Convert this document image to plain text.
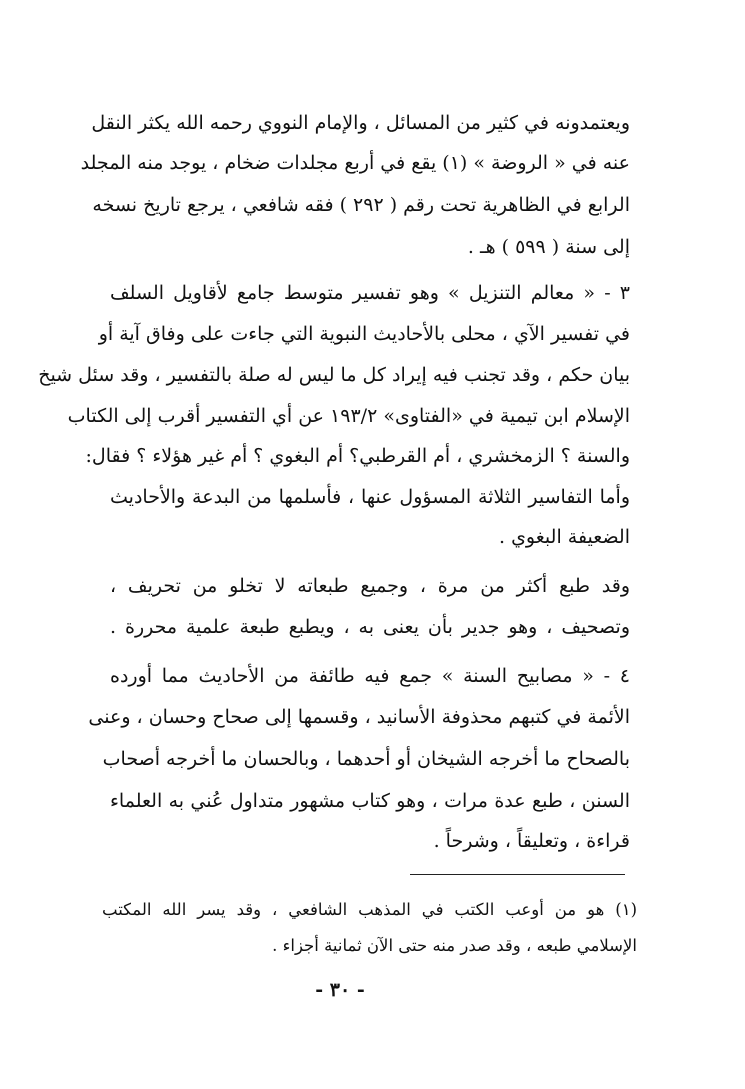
ويعتمدونه في كثير من المسائل ، والإمام النووي رحمه الله يكثر النقل

عنه في « الروضة » (١) يقع في أربع مجلدات ضخام ، يوجد منه المجلد

الرابع في الظاهرية تحت رقم ( ٢٩٢ ) فقه شافعي ، يرجع تاريخ نسخه

إلى سنة ( ٥٩٩ ) هـ .

٣ - « معالم التنزيل » وهو تفسير متوسط جامع لأقاويل السلف

في تفسير الآي ، محلى بالأحاديث النبوية التي جاءت على وفاق آية أو

بيان حكم ، وقد تجنب فيه إيراد كل ما ليس له صلة بالتفسير ، وقد سئل شيخ

الإسلام ابن تيمية في «الفتاوى» ١٩٣/٢ عن أي التفسير أقرب إلى الكتاب

والسنة ؟ الزمخشري ، أم القرطبي؟ أم البغوي ؟ أم غير هؤلاء ؟ فقال:

وأما التفاسير الثلاثة المسؤول عنها ، فأسلمها من البدعة والأحاديث

الضعيفة البغوي .

وقد طبع أكثر من مرة ، وجميع طبعاته لا تخلو من تحريف ،

وتصحيف ، وهو جدير بأن يعنى به ، ويطبع طبعة علمية محررة .

٤ - « مصابيح السنة » جمع فيه طائفة من الأحاديث مما أورده

الأئمة في كتبهم محذوفة الأسانيد ، وقسمها إلى صحاح وحسان ، وعنى

بالصحاح ما أخرجه الشيخان أو أحدهما ، وبالحسان ما أخرجه أصحاب

السنن ، طبع عدة مرات ، وهو كتاب مشهور متداول عُني به العلماء

قراءة ، وتعليقاً ، وشرحاً .

(١) هو من أوعب الكتب في المذهب الشافعي ، وقد يسر الله المكتب

الإسلامي طبعه ، وقد صدر منه حتى الآن ثمانية أجزاء .

- ٣٠ -
